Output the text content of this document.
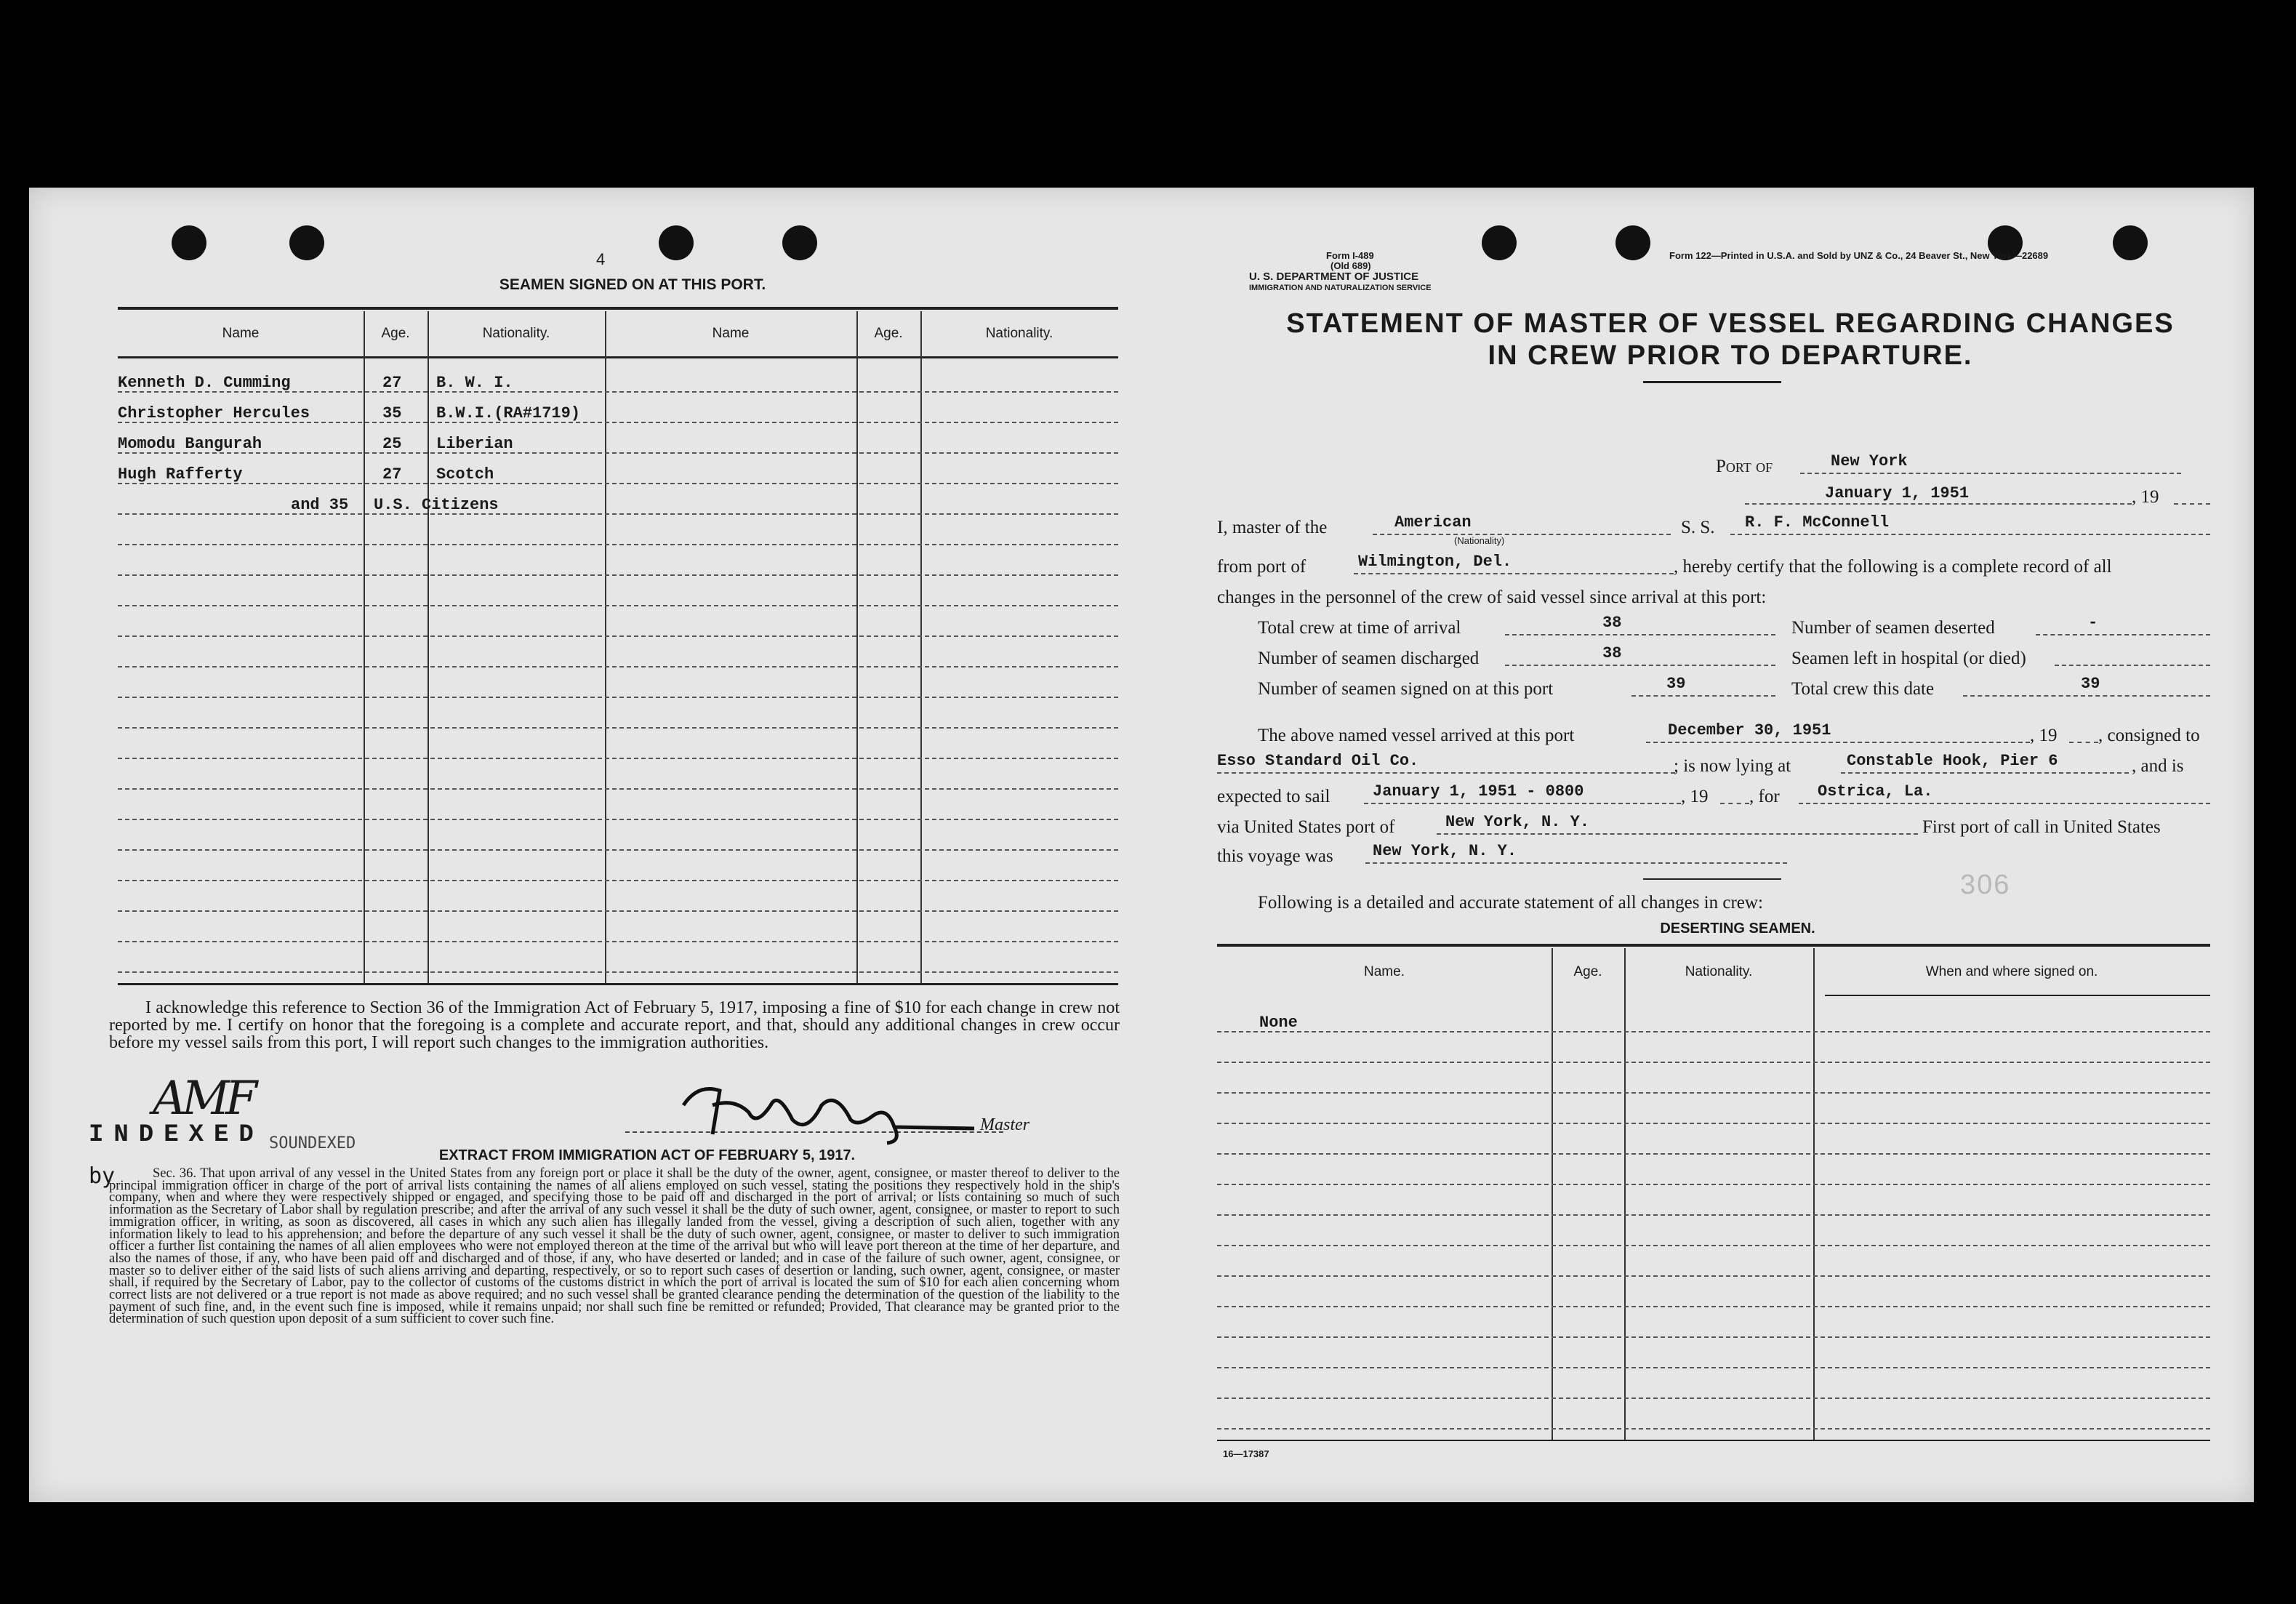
4
SEAMEN SIGNED ON AT THIS PORT.
Name	Age.	Nationality.	Name	Age.	Nationality.
Kenneth D. Cumming	27 B. W. I.
Christopher Hercules	35 B.W.I.(RA#1719)
Momodu Bangurah	25 Liberian
Hugh Rafferty	27 Scotch
and 35 U.S. Citizens
I acknowledge this reference to Section 36 of the Immigration Act of February 5, 1917, imposing a fine of $10 for each change in crew not reported by me. I certify on honor that the foregoing is a complete and accurate report, and that, should any additional changes in crew occur before my vessel sails from this port, I will report such changes to the immigration authorities.
AMF
INDEXED SOUNDEXED
by
Master
EXTRACT FROM IMMIGRATION ACT OF FEBRUARY 5, 1917.
Sec. 36. That upon arrival of any vessel in the United States from any foreign port or place it shall be the duty of the owner, agent, consignee, or master thereof to deliver to the principal immigration officer in charge of the port of arrival lists containing the names of all aliens employed on such vessel, stating the positions they respectively hold in the ship's company, when and where they were respectively shipped or engaged, and specifying those to be paid off and discharged in the port of arrival; or lists containing so much of such information as the Secretary of Labor shall by regulation prescribe; and after the arrival of any such vessel it shall be the duty of such owner, agent, consignee, or master to report to such immigration officer, in writing, as soon as discovered, all cases in which any such alien has illegally landed from the vessel, giving a description of such alien, together with any information likely to lead to his apprehension; and before the departure of any such vessel it shall be the duty of such owner, agent, consignee, or master to deliver to such immigration officer a further list containing the names of all alien employees who were not employed thereon at the time of the arrival but who will leave port thereon at the time of her departure, and also the names of those, if any, who have been paid off and discharged and of those, if any, who have deserted or landed; and in case of the failure of such owner, agent, consignee, or master so to deliver either of the said lists of such aliens arriving and departing, respectively, or so to report such cases of desertion or landing, such owner, agent, consignee, or master shall, if required by the Secretary of Labor, pay to the collector of customs of the customs district in which the port of arrival is located the sum of $10 for each alien concerning whom correct lists are not delivered or a true report is not made as above required; and no such vessel shall be granted clearance pending the determination of the question of the liability to the payment of such fine, and, in the event such fine is imposed, while it remains unpaid; nor shall such fine be remitted or refunded; Provided, That clearance may be granted prior to the determination of such question upon deposit of a sum sufficient to cover such fine.
Form I-489
(Old 689)
U. S. DEPARTMENT OF JUSTICE
IMMIGRATION AND NATURALIZATION SERVICE
Form 122—Printed in U.S.A. and Sold by UNZ & Co., 24 Beaver St., New York—22689
STATEMENT OF MASTER OF VESSEL REGARDING CHANGES
IN CREW PRIOR TO DEPARTURE.
Port of	New York
January 1, 1951	, 19
I, master of the	American
(Nationality)
S. S. R. F. McConnell
from port of	Wilmington, Del.	, hereby certify that the following is a complete record of all
changes in the personnel of the crew of said vessel since arrival at this port:
Total crew at time of arrival	38
Number of seamen discharged	38
Number of seamen signed on at this port	39
Number of seamen deserted	-
Seamen left in hospital (or died)
Total crew this date	39
The above named vessel arrived at this port	December 30, 1951	, 19 , consigned to
Esso Standard Oil Co.	; is now lying at	Constable Hook, Pier 6	, and is
expected to sail	January 1, 1951 - 0800	, 19 , for Ostrica, La.
via United States port of	New York, N. Y.	First port of call in United States
this voyage was New York, N. Y.
306
Following is a detailed and accurate statement of all changes in crew:
DESERTING SEAMEN.
Name.	Age.	Nationality.	When and where signed on.
None
16—17387
